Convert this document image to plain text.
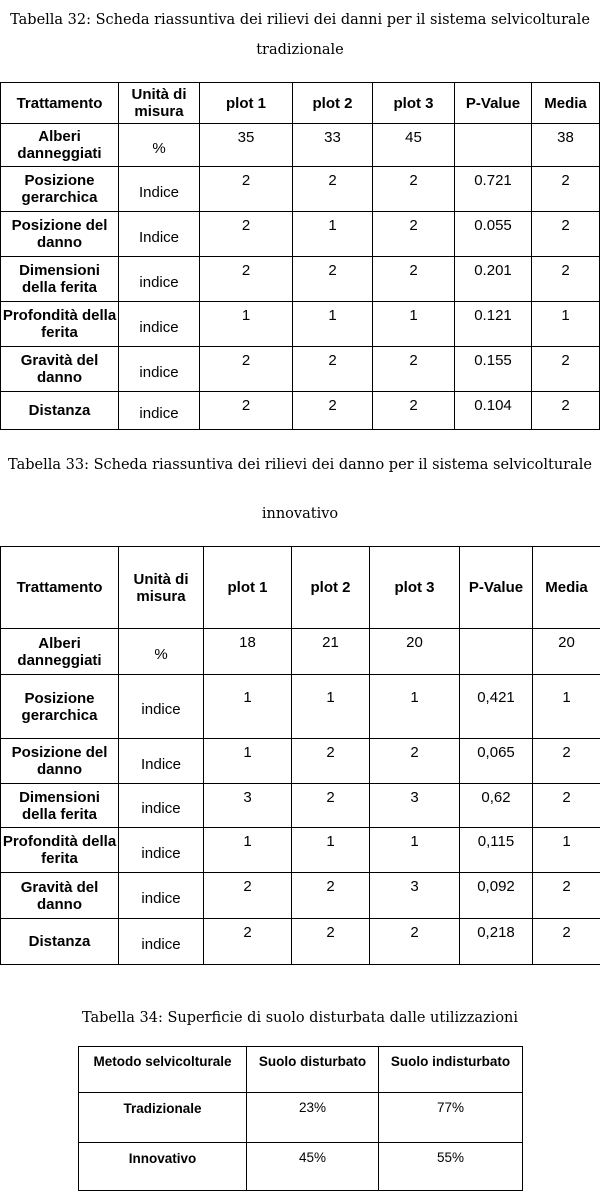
Tabella 32: Scheda riassuntiva dei rilievi dei danni per il sistema selvicolturale
tradizionale
Trattamento	Unità di misura	plot 1	plot 2	plot 3	P-Value	Media
Alberi danneggiati	%	35	33	45		38
Posizione gerarchica	Indice	2	2	2	0.721	2
Posizione del danno	Indice	2	1	2	0.055	2
Dimensioni della ferita	indice	2	2	2	0.201	2
Profondità della ferita	indice	1	1	1	0.121	1
Gravità del danno	indice	2	2	2	0.155	2
Distanza	indice	2	2	2	0.104	2
Tabella 33: Scheda riassuntiva dei rilievi dei danno per il sistema selvicolturale
innovativo
Trattamento	Unità di misura	plot 1	plot 2	plot 3	P-Value	Media
Alberi danneggiati	%	18	21	20		20
Posizione gerarchica	indice	1	1	1	0,421	1
Posizione del danno	Indice	1	2	2	0,065	2
Dimensioni della ferita	indice	3	2	3	0,62	2
Profondità della ferita	indice	1	1	1	0,115	1
Gravità del danno	indice	2	2	3	0,092	2
Distanza	indice	2	2	2	0,218	2
Tabella 34: Superficie di suolo disturbata dalle utilizzazioni
Metodo selvicolturale	Suolo disturbato	Suolo indisturbato
Tradizionale	23%	77%
Innovativo	45%	55%
